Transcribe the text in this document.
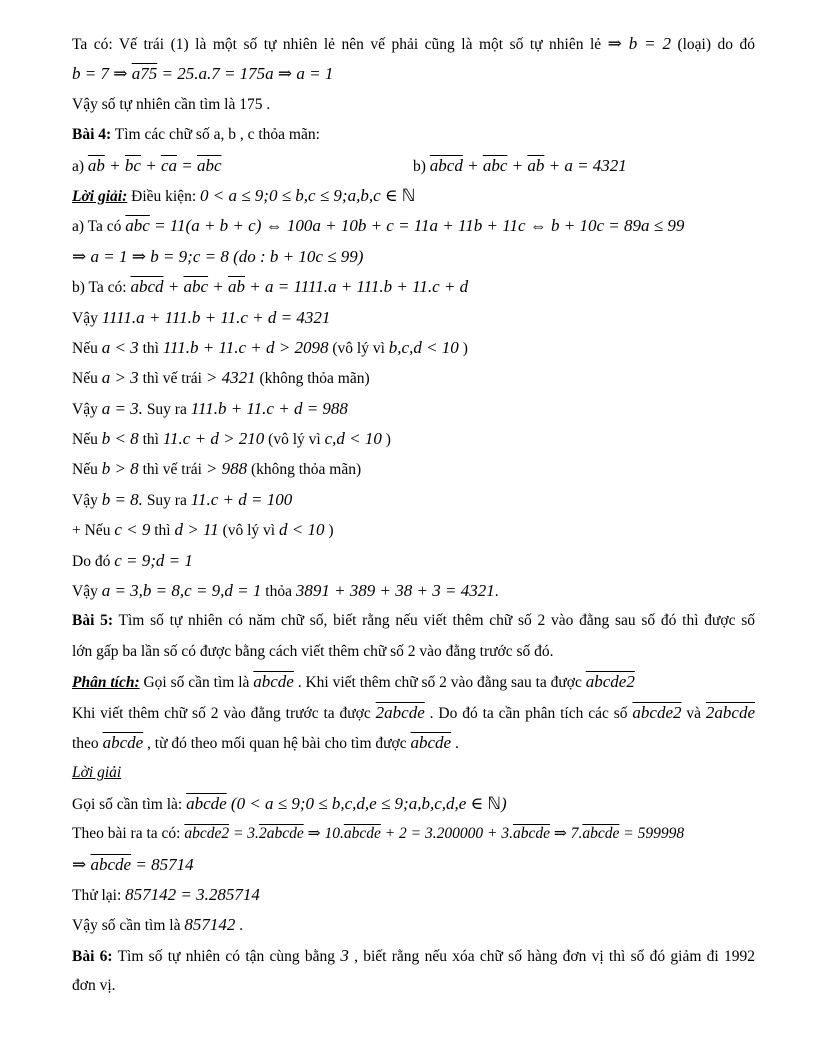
Ta có: Vế trái (1) là một số tự nhiên lẻ nên vế phải cũng là một số tự nhiên lẻ ⇒ b = 2 (loại) do đó
b = 7 ⇒ a75 = 25.a.7 = 175a ⇒ a = 1
Vậy số tự nhiên cần tìm là 175 .
Bài 4: Tìm các chữ số a, b , c thỏa mãn:
a) $\overline{ab} + \overline{bc} + \overline{ca} = \overline{abc}$	b) abcd + $\overline{abc} + \overline{ab} + a = 4321$
Lời giải: Điều kiện: 0 < a ≤ 9;0 ≤ b,c ≤ 9;a,b,c ∈ ℕ
a) Ta có $\overline{abc} = 11(a + b + c)$ ⇔ 100a + 10b + c = 11a + 11b + 11c ⇔ b + 10c = 89a ≤ 99
⇒ a = 1 ⇒ b = 9;c = 8 (do : b + 10c ≤ 99)
b) Ta có: abcd + $\overline{abc} + \overline{ab} + a = 1111.a + 111.b + 11.c + d$
Vậy 1111.a + 111.b + 11.c + d = 4321
Nếu a < 3 thì 111.b + 11.c + d > 2098 (vô lý vì b,c,d < 10 )
Nếu a > 3 thì vế trái > 4321 (không thỏa mãn)
Vậy a = 3. Suy ra 111.b + 11.c + d = 988
Nếu b < 8 thì 11.c + d > 210 (vô lý vì c,d < 10 )
Nếu b > 8 thì vế trái > 988 (không thỏa mãn)
Vậy b = 8. Suy ra 11.c + d = 100
+ Nếu c < 9 thì d > 11 (vô lý vì d < 10 )
Do đó c = 9;d = 1
Vậy a = 3,b = 8,c = 9,d = 1 thỏa 3891 + 389 + 38 + 3 = 4321.
Bài 5: Tìm số tự nhiên có năm chữ số, biết rằng nếu viết thêm chữ số 2 vào đằng sau số đó thì được số
lớn gấp ba lần số có được bằng cách viết thêm chữ số 2 vào đằng trước số đó.
Phân tích: Gọi số cần tìm là abcde . Khi viết thêm chữ số 2 vào đằng sau ta được abcde2
Khi viết thêm chữ số 2 vào đằng trước ta được 2abcde . Do đó ta cần phân tích các số abcde2 và 2abcde
theo abcde , từ đó theo mối quan hệ bài cho tìm được abcde .
Lời giải
Gọi số cần tìm là: abcde (0 < a ≤ 9;0 ≤ b,c,d,e ≤ 9;a,b,c,d,e ∈ ℕ)
Theo bài ra ta có: abcde2 = 3.2abcde ⇒ 10.abcde + 2 = 3.200000 + 3.abcde ⇒ 7.abcde = 599998
⇒ abcde = 85714
Thử lại: 857142 = 3.285714
Vậy số cần tìm là 857142 .
Bài 6: Tìm số tự nhiên có tận cùng bằng 3 , biết rằng nếu xóa chữ số hàng đơn vị thì số đó giảm đi 1992
đơn vị.
